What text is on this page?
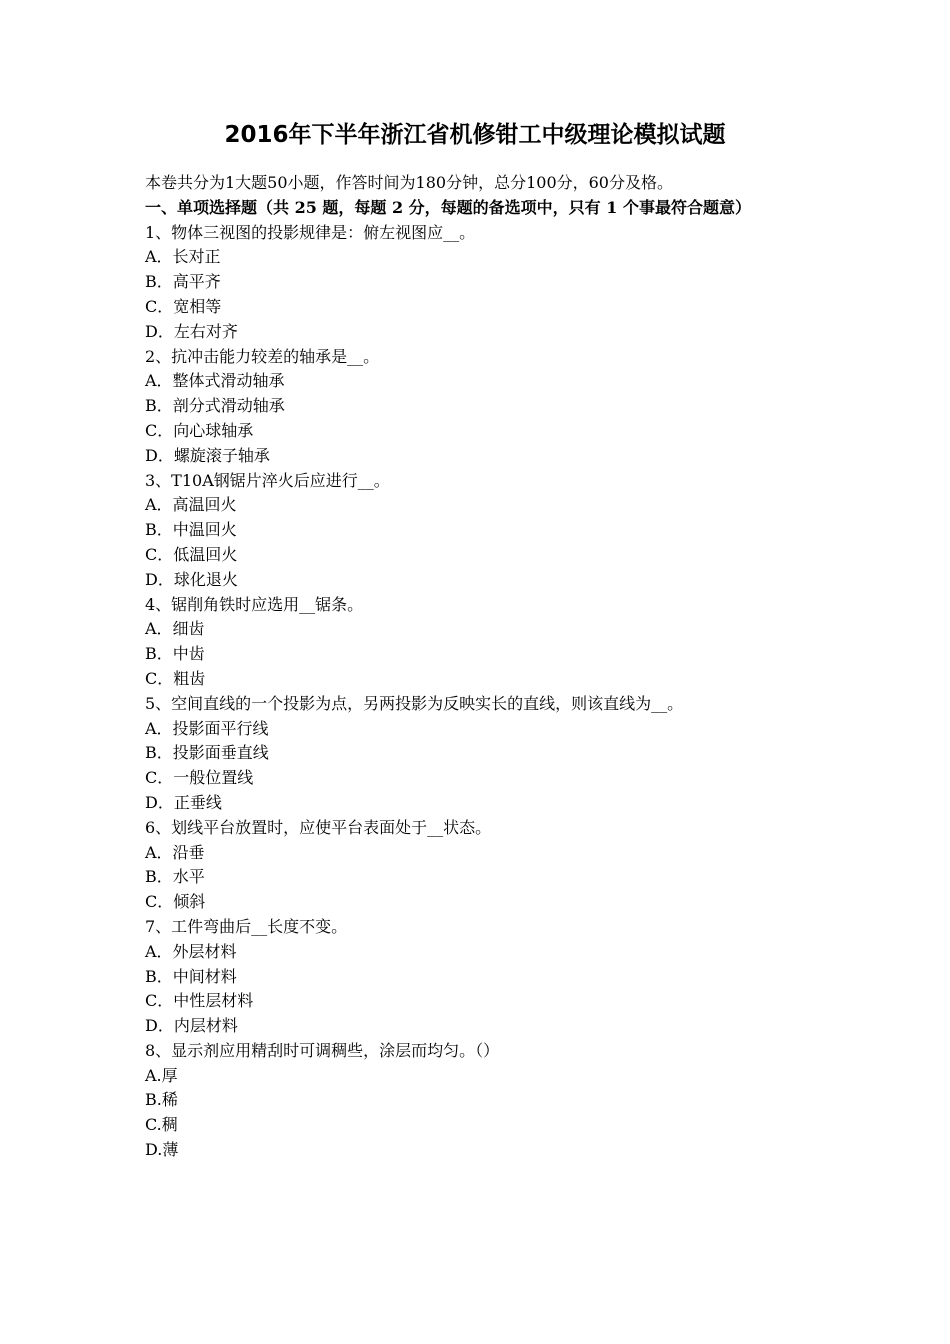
2016年下半年浙江省机修钳工中级理论模拟试题
本卷共分为1大题50小题，作答时间为180分钟，总分100分，60分及格。
一、单项选择题（共 25 题，每题 2 分，每题的备选项中，只有 1 个事最符合题意）
1、物体三视图的投影规律是：俯左视图应__。
A．长对正
B．高平齐
C．宽相等
D．左右对齐
2、抗冲击能力较差的轴承是__。
A．整体式滑动轴承
B．剖分式滑动轴承
C．向心球轴承
D．螺旋滚子轴承
3、T10A钢锯片淬火后应进行__。
A．高温回火
B．中温回火
C．低温回火
D．球化退火
4、锯削角铁时应选用__锯条。
A．细齿
B．中齿
C．粗齿
5、空间直线的一个投影为点，另两投影为反映实长的直线，则该直线为__。
A．投影面平行线
B．投影面垂直线
C．一般位置线
D．正垂线
6、划线平台放置时，应使平台表面处于__状态。
A．沿垂
B．水平
C．倾斜
7、工件弯曲后__长度不变。
A．外层材料
B．中间材料
C．中性层材料
D．内层材料
8、显示剂应用精刮时可调稠些，涂层而均匀。（）
A.厚
B.稀
C.稠
D.薄
